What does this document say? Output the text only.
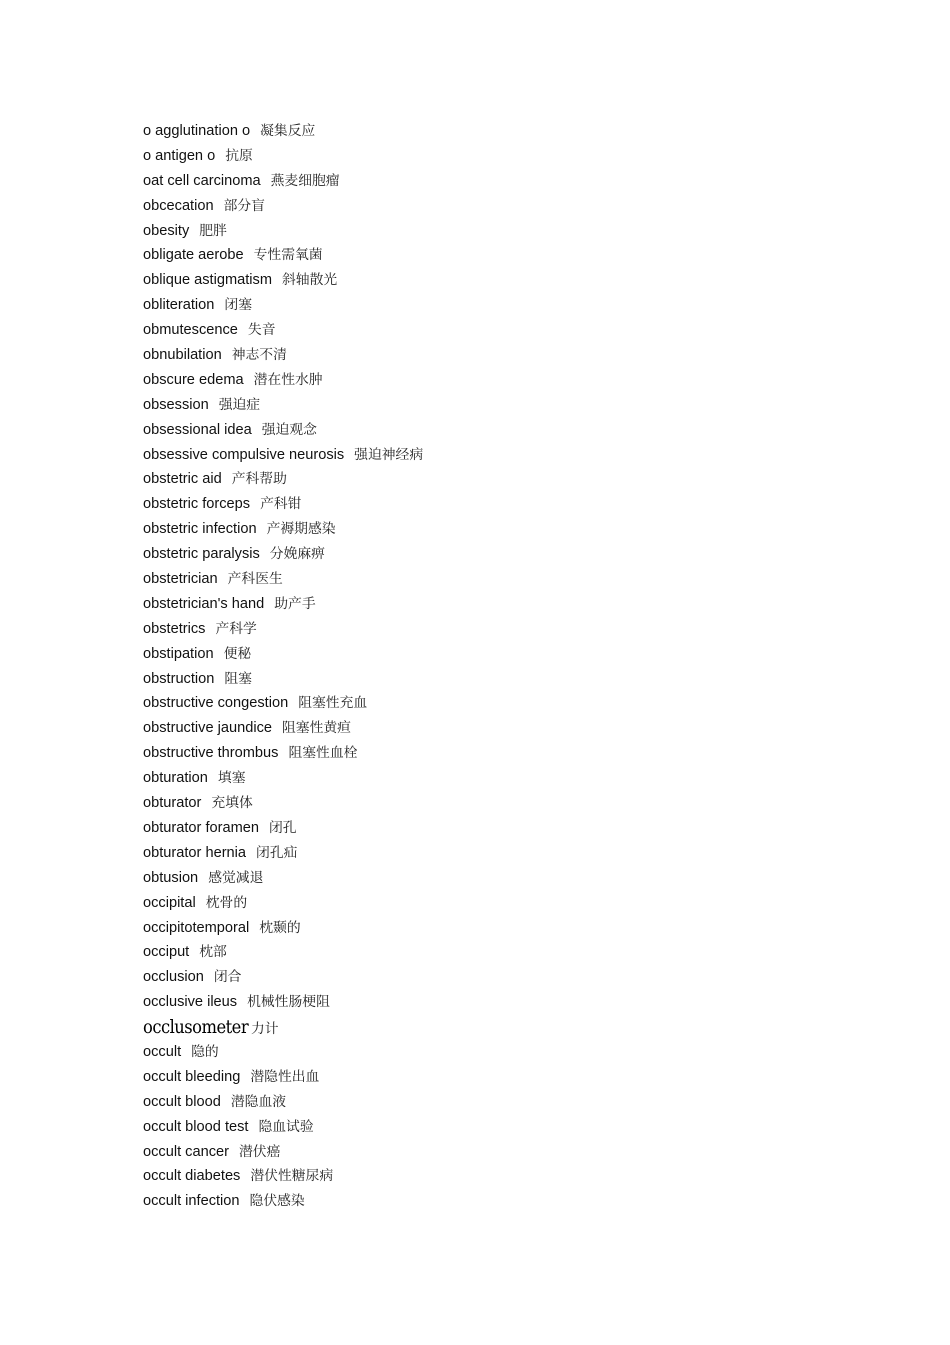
o agglutination o 凝集反应
o antigen o 抗原
oat cell carcinoma 燕麦细胞瘤
obcecation 部分盲
obesity 肥胖
obligate aerobe 专性需氧菌
oblique astigmatism 斜轴散光
obliteration 闭塞
obmutescence 失音
obnubilation 神志不清
obscure edema 潜在性水肿
obsession 强迫症
obsessional idea 强迫观念
obsessive compulsive neurosis 强迫神经病
obstetric aid 产科帮助
obstetric forceps 产科钳
obstetric infection 产褥期感染
obstetric paralysis 分娩麻痹
obstetrician 产科医生
obstetrician's hand 助产手
obstetrics 产科学
obstipation 便秘
obstruction 阻塞
obstructive congestion 阻塞性充血
obstructive jaundice 阻塞性黄疸
obstructive thrombus 阻塞性血栓
obturation 填塞
obturator 充填体
obturator foramen 闭孔
obturator hernia 闭孔疝
obtusion 感觉减退
occipital 枕骨的
occipitotemporal 枕颞的
occiput 枕部
occlusion 闭合
occlusive ileus 机械性肠梗阻
occlusometer 力计
occult 隐的
occult bleeding 潜隐性出血
occult blood 潜隐血液
occult blood test 隐血试验
occult cancer 潜伏癌
occult diabetes 潜伏性糖尿病
occult infection 隐伏感染
